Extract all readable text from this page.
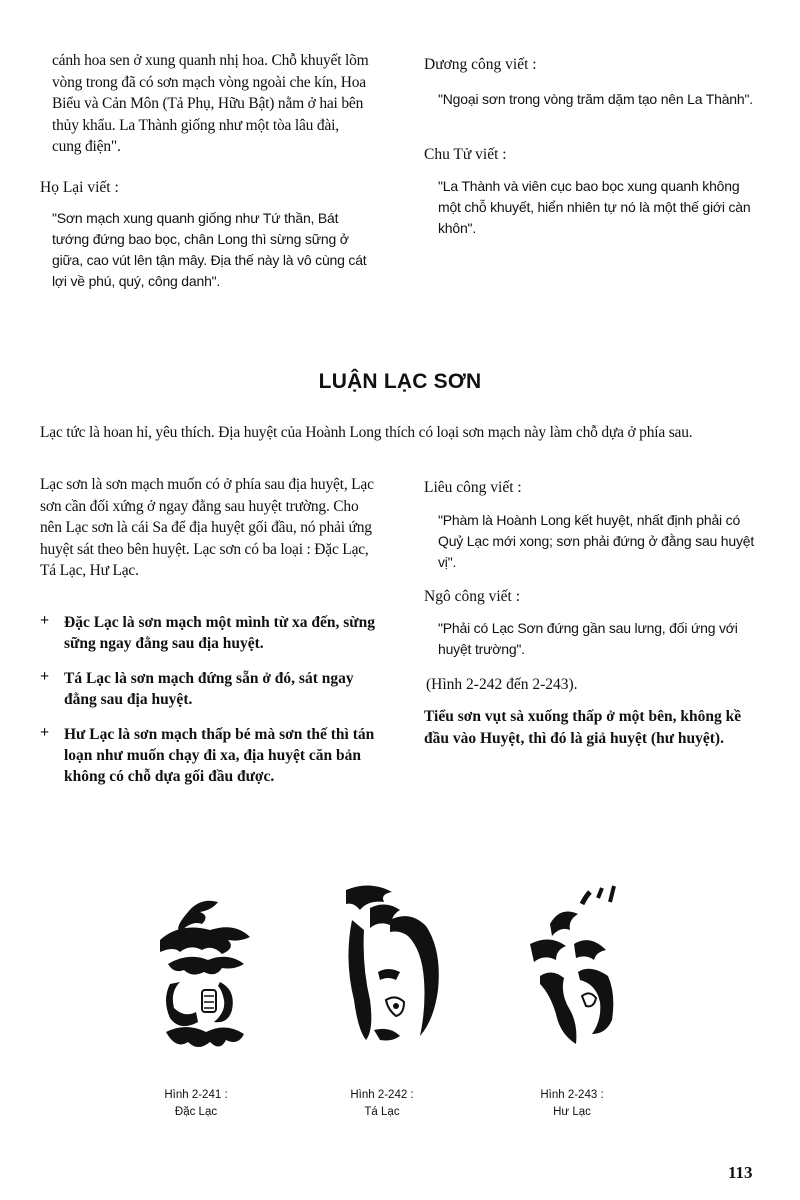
cánh hoa sen ở xung quanh nhị hoa. Chỗ khuyết lõm vòng trong đã có sơn mạch vòng ngoài che kín, Hoa Biểu và Cản Môn (Tả Phụ, Hữu Bật) nằm ở hai bên thủy khẩu. La Thành giống như một tòa lâu đài, cung điện".
Họ Lại viết :
"Sơn mạch xung quanh giống như Tứ thần, Bát tướng đứng bao bọc, chân Long thì sừng sững ở giữa, cao vút lên tận mây. Địa thế này là vô cùng cát lợi về phú, quý, công danh".
Dương công viết :
"Ngoại sơn trong vòng trăm dặm tạo nên La Thành".
Chu Tử viết :
"La Thành và viên cục bao bọc xung quanh không một chỗ khuyết, hiển nhiên tự nó là một thế giới càn khôn".
LUẬN LẠC SƠN
Lạc tức là hoan hỉ, yêu thích. Địa huyệt của Hoành Long thích có loại sơn mạch này làm chỗ dựa ở phía sau.
Lạc sơn là sơn mạch muốn có ở phía sau địa huyệt, Lạc sơn cần đối xứng ở ngay đằng sau huyệt trường. Cho nên Lạc sơn là cái Sa để địa huyệt gối đầu, nó phải ứng huyệt sát theo bên huyệt. Lạc sơn có ba loại : Đặc Lạc, Tá Lạc, Hư Lạc.
+ Đặc Lạc là sơn mạch một mình từ xa đến, sừng sững ngay đằng sau địa huyệt.
+ Tá Lạc là sơn mạch đứng sẵn ở đó, sát ngay đằng sau địa huyệt.
+ Hư Lạc là sơn mạch thấp bé mà sơn thế thì tán loạn như muốn chạy đi xa, địa huyệt căn bản không có chỗ dựa gối đầu được.
Liêu công viết :
"Phàm là Hoành Long kết huyệt, nhất định phải có Quỷ Lạc mới xong; sơn phải đứng ở đằng sau huyệt vị".
Ngô công viết :
"Phải có Lạc Sơn đứng gần sau lưng, đối ứng với huyệt trường".
(Hình 2-242 đến 2-243).
Tiểu sơn vụt sà xuống thấp ở một bên, không kề đầu vào Huyệt, thì đó là giả huyệt (hư huyệt).
Hình 2-241 :
Đặc Lạc
Hình 2-242 :
Tá Lạc
Hình 2-243 :
Hư Lạc
113
